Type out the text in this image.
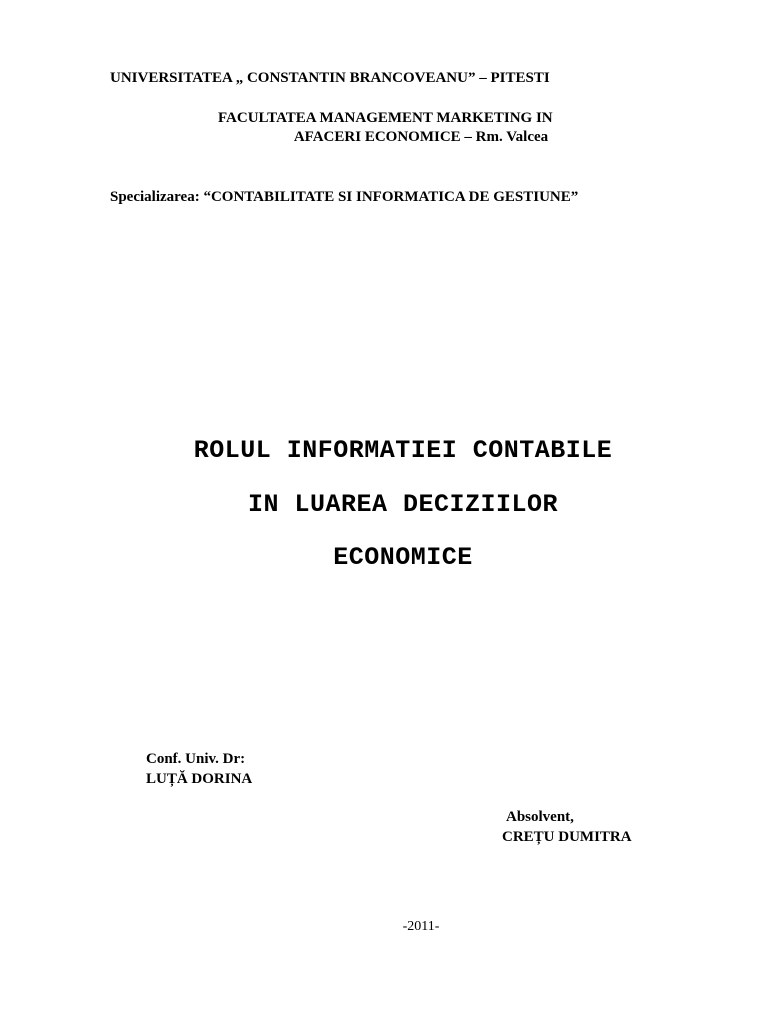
UNIVERSITATEA „ CONSTANTIN BRANCOVEANU” – PITESTI
FACULTATEA MANAGEMENT MARKETING IN
AFACERI ECONOMICE – Rm. Valcea
Specializarea: “CONTABILITATE SI INFORMATICA DE GESTIUNE”
ROLUL INFORMATIEI CONTABILE
IN LUAREA DECIZIILOR
ECONOMICE
Conf. Univ. Dr:
LUȚĂ DORINA
Absolvent,
CREȚU DUMITRA
-2011-
